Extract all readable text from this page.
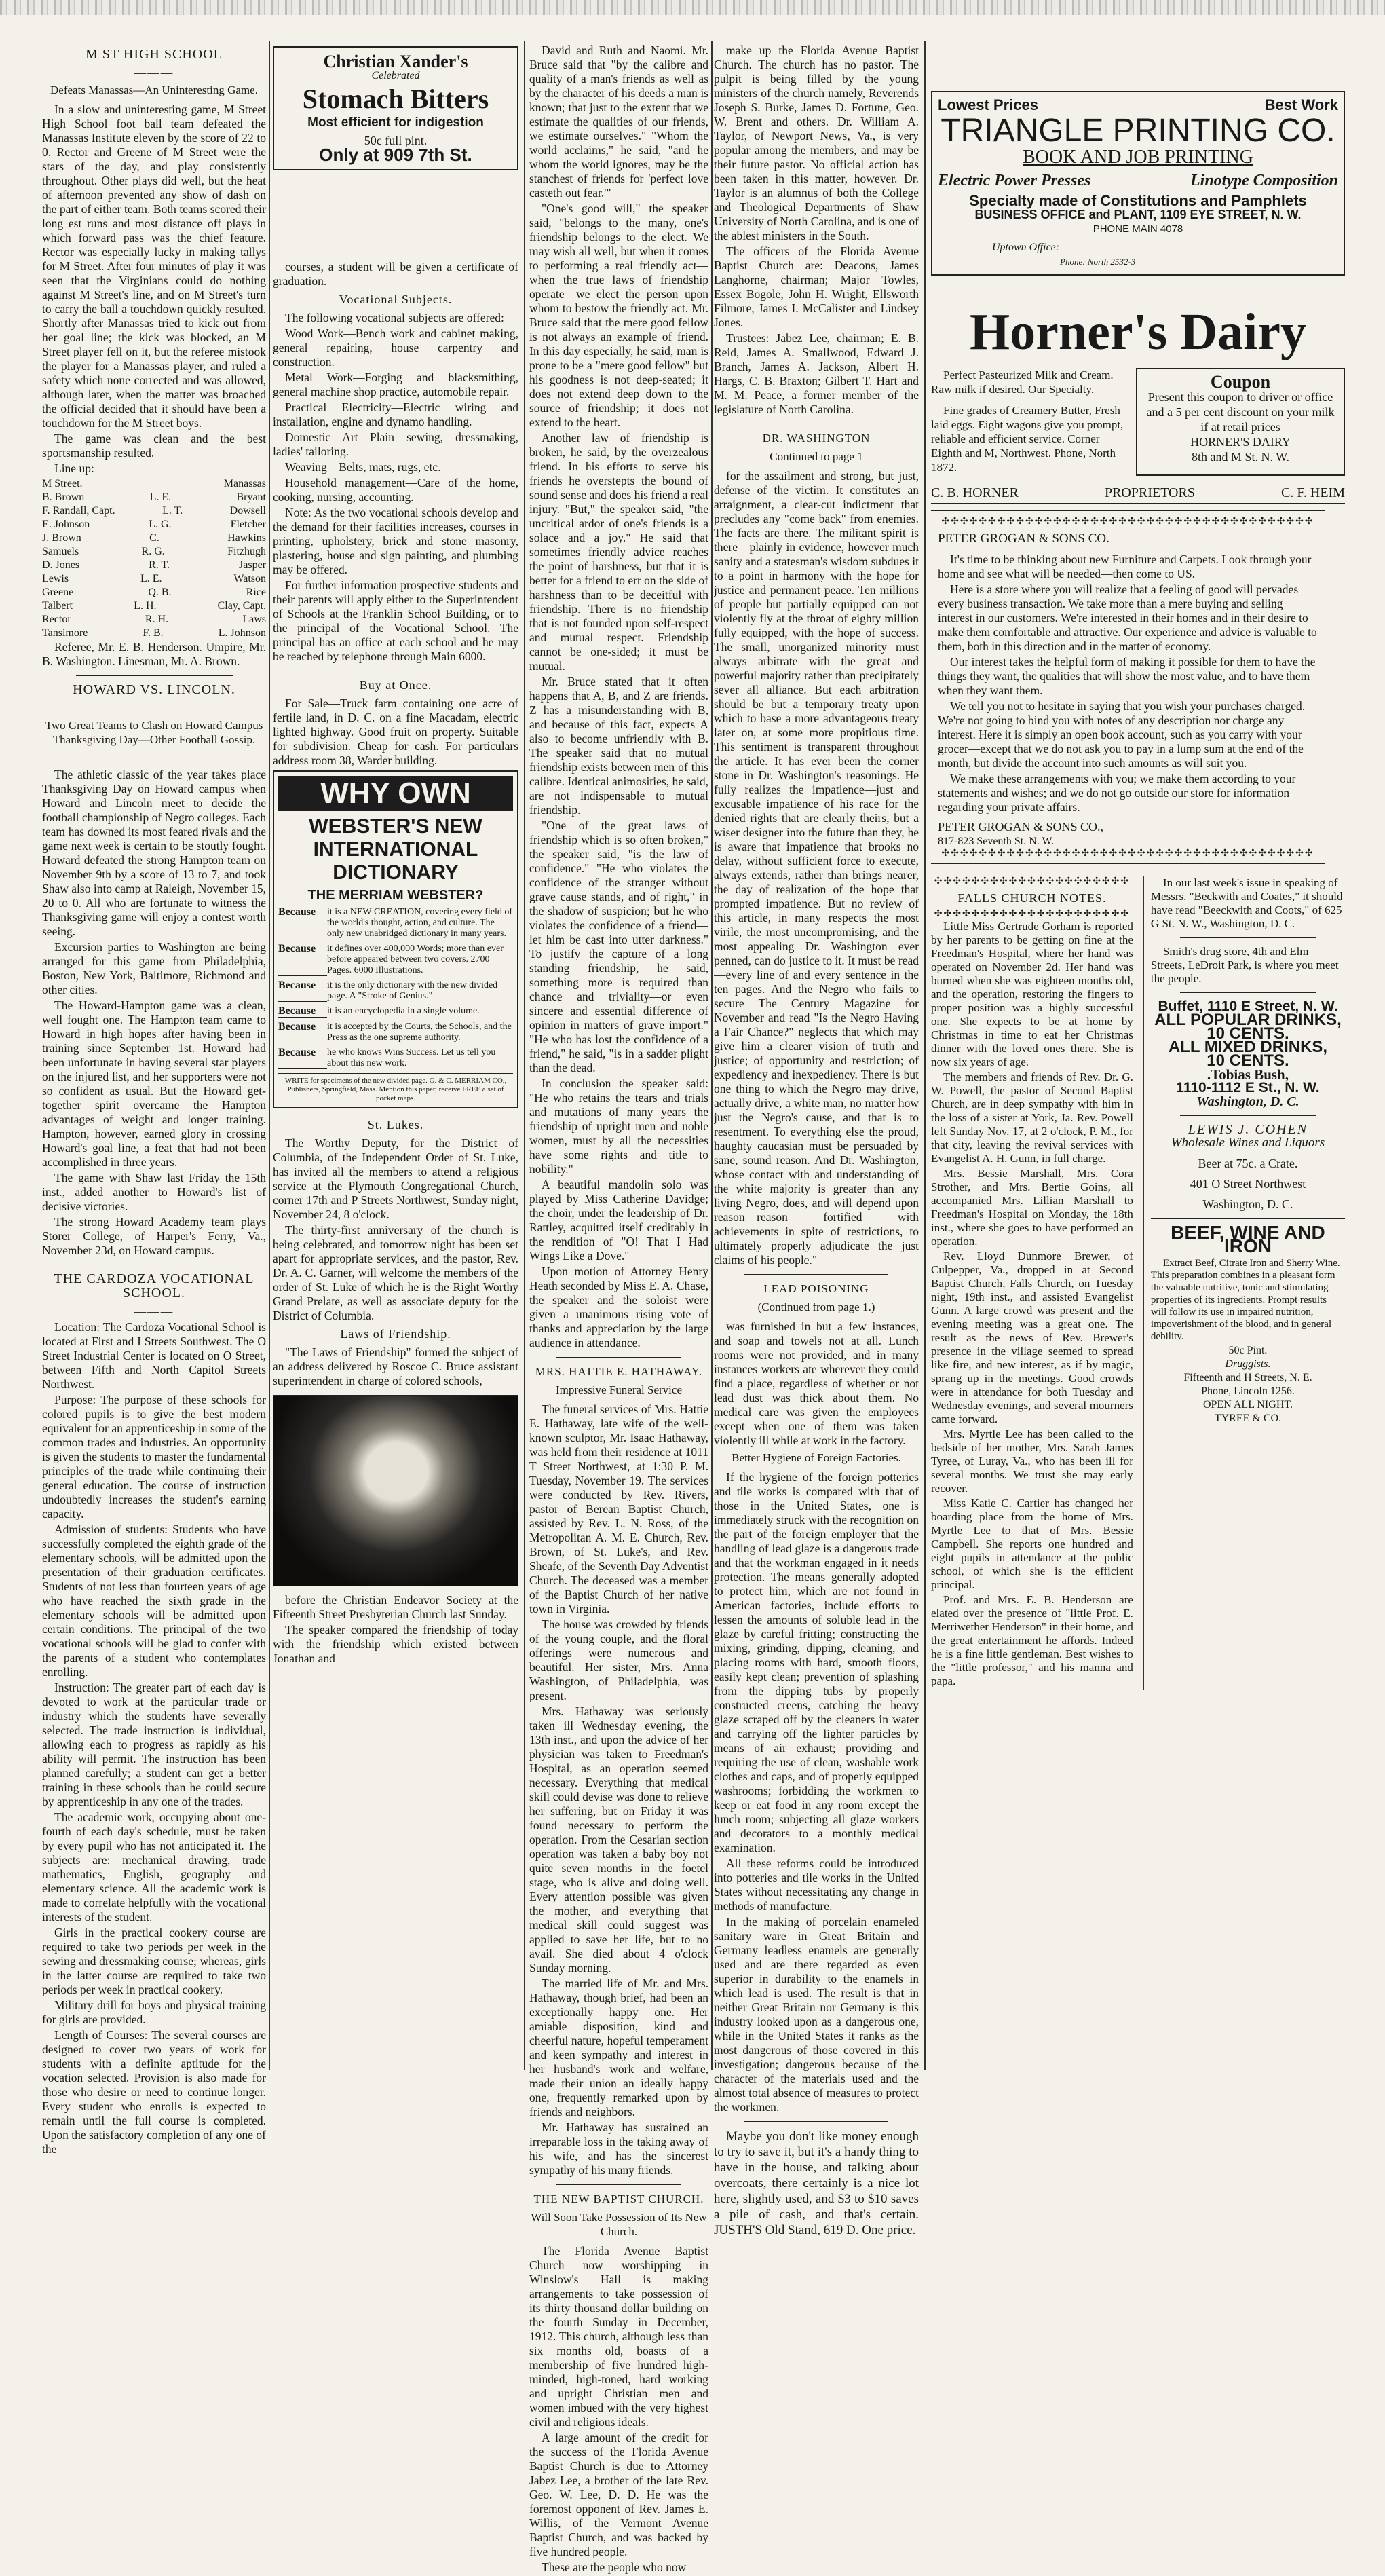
M ST HIGH SCHOOL
———
Defeats Manassas—An Uninteresting Game.

In a slow and uninteresting game, M Street High School foot ball team defeated the Manassas Institute eleven by the score of 22 to 0. Rector and Greene of M Street were the stars of the day, and play consistently throughout. Other plays did well, but the heat of afternoon prevented any show of dash on the part of either team. Both teams scored their long est runs and most distance off plays in which forward pass was the chief feature. Rector was especially lucky in making tallys for M Street. After four minutes of play it was seen that the Virginians could do nothing against M Street's line, and on M Street's turn to carry the ball a touchdown quickly resulted. Shortly after Manassas tried to kick out from her goal line; the kick was blocked, an M Street player fell on it, but the referee mistook the player for a Manassas player, and ruled a safety which none corrected and was allowed, although later, when the matter was broached the official decided that it should have been a touchdown for the M Street boys.

The game was clean and the best sportsmanship resulted.

Line up:

M Street.	Manassas
B. Brown	L. E.	Bryant
F. Randall, Capt.	L. T.	Dowsell
E. Johnson	L. G.	Fletcher
J. Brown	C.	Hawkins
Samuels	R. G.	Fitzhugh
D. Jones	R. T.	Jasper
Lewis	L. E.	Watson
Greene	Q. B.	Rice
Talbert	L. H.	Clay, Capt.
Rector	R. H.	Laws
Tansimore	F. B.	L. Johnson

Referee, Mr. E. B. Henderson. Umpire, Mr. B. Washington. Linesman, Mr. A. Brown.

HOWARD VS. LINCOLN.
———
Two Great Teams to Clash on Howard Campus Thanksgiving Day—Other Football Gossip.
———

The athletic classic of the year takes place Thanksgiving Day on Howard campus when Howard and Lincoln meet to decide the football championship of Negro colleges. Each team has downed its most feared rivals and the game next week is certain to be stoutly fought. Howard defeated the strong Hampton team on November 9th by a score of 13 to 7, and took Shaw also into camp at Raleigh, November 15, 20 to 0. All who are fortunate to witness the Thanksgiving game will enjoy a contest worth seeing.

Excursion parties to Washington are being arranged for this game from Philadelphia, Boston, New York, Baltimore, Richmond and other cities.

The Howard-Hampton game was a clean, well fought one. The Hampton team came to Howard in high hopes after having been in training since September 1st. Howard had been unfortunate in having several star players on the injured list, and her supporters were not so confident as usual. But the Howard get-together spirit overcame the Hampton advantages of weight and longer training. Hampton, however, earned glory in crossing Howard's goal line, a feat that had not been accomplished in three years.

The game with Shaw last Friday the 15th inst., added another to Howard's list of decisive victories.

The strong Howard Academy team plays Storer College, of Harper's Ferry, Va., November 23d, on Howard campus.

THE CARDOZA VOCATIONAL SCHOOL.
———

Location: The Cardoza Vocational School is located at First and I Streets Southwest. The O Street Industrial Center is located on O Street, between Fifth and North Capitol Streets Northwest.

Purpose: The purpose of these schools for colored pupils is to give the best modern equivalent for an apprenticeship in some of the common trades and industries. An opportunity is given the students to master the fundamental principles of the trade while continuing their general education. The course of instruction undoubtedly increases the student's earning capacity.

Admission of students: Students who have successfully completed the eighth grade of the elementary schools, will be admitted upon the presentation of their graduation certificates. Students of not less than fourteen years of age who have reached the sixth grade in the elementary schools will be admitted upon certain conditions. The principal of the two vocational schools will be glad to confer with the parents of a student who contemplates enrolling.

Instruction: The greater part of each day is devoted to work at the particular trade or industry which the students have severally selected. The trade instruction is individual, allowing each to progress as rapidly as his ability will permit. The instruction has been planned carefully; a student can get a better training in these schools than he could secure by apprenticeship in any one of the trades.

The academic work, occupying about one-fourth of each day's schedule, must be taken by every pupil who has not anticipated it. The subjects are: mechanical drawing, trade mathematics, English, geography and elementary science. All the academic work is made to correlate helpfully with the vocational interests of the student.

Girls in the practical cookery course are required to take two periods per week in the sewing and dressmaking course; whereas, girls in the latter course are required to take two periods per week in practical cookery.

Military drill for boys and physical training for girls are provided.

Length of Courses: The several courses are designed to cover two years of work for students with a definite aptitude for the vocation selected. Provision is also made for those who desire or need to continue longer. Every student who enrolls is expected to remain until the full course is completed. Upon the satisfactory completion of any one of the

Christian Xander's
Celebrated
Stomach Bitters
Most efficient for indigestion
50c full pint.
Only at 909 7th St.

courses, a student will be given a certificate of graduation.

Vocational Subjects.

The following vocational subjects are offered:

Wood Work—Bench work and cabinet making, general repairing, house carpentry and construction.

Metal Work—Forging and blacksmithing, general machine shop practice, automobile repair.

Practical Electricity—Electric wiring and installation, engine and dynamo handling.

Domestic Art—Plain sewing, dressmaking, ladies' tailoring.

Weaving—Belts, mats, rugs, etc.

Household management—Care of the home, cooking, nursing, accounting.

Note: As the two vocational schools develop and the demand for their facilities increases, courses in printing, upholstery, brick and stone masonry, plastering, house and sign painting, and plumbing may be offered.

For further information prospective students and their parents will apply either to the Superintendent of Schools at the Franklin School Building, or to the principal of the Vocational School. The principal has an office at each school and he may be reached by telephone through Main 6000.

Buy at Once.

For Sale—Truck farm containing one acre of fertile land, in D. C. on a fine Macadam, electric lighted highway. Good fruit on property. Suitable for subdivision. Cheap for cash. For particulars address room 38, Warder building.

WHY OWN
WEBSTER'S NEW INTERNATIONAL DICTIONARY
THE MERRIAM WEBSTER?
Because	it is a NEW CREATION, covering every field of the world's thought, action, and culture. The only new unabridged dictionary in many years.
Because	it defines over 400,000 Words; more than ever before appeared between two covers. 2700 Pages. 6000 Illustrations.
Because	it is the only dictionary with the new divided page. A "Stroke of Genius."
Because	it is an encyclopedia in a single volume.
Because	it is accepted by the Courts, the Schools, and the Press as the one supreme authority.
Because	he who knows Wins Success. Let us tell you about this new work.
WRITE for specimens of the new divided page. G. & C. MERRIAM CO., Publishers, Springfield, Mass. Mention this paper, receive FREE a set of pocket maps.
St. Lukes.

The Worthy Deputy, for the District of Columbia, of the Independent Order of St. Luke, has invited all the members to attend a religious service at the Plymouth Congregational Church, corner 17th and P Streets Northwest, Sunday night, November 24, 8 o'clock.

The thirty-first anniversary of the church is being celebrated, and tomorrow night has been set apart for appropriate services, and the pastor, Rev. Dr. A. C. Garner, will welcome the members of the order of St. Luke of which he is the Right Worthy Grand Prelate, as well as associate deputy for the District of Columbia.

Laws of Friendship.

"The Laws of Friendship" formed the subject of an address delivered by Roscoe C. Bruce assistant superintendent in charge of colored schools,

before the Christian Endeavor Society at the Fifteenth Street Presbyterian Church last Sunday.

The speaker compared the friendship of today with the friendship which existed between Jonathan and

David and Ruth and Naomi. Mr. Bruce said that "by the calibre and quality of a man's friends as well as by the character of his deeds a man is known; that just to the extent that we estimate the qualities of our friends, we estimate ourselves." "Whom the world acclaims," he said, "and he whom the world ignores, may be the stanchest of friends for 'perfect love casteth out fear.'"

"One's good will," the speaker said, "belongs to the many, one's friendship belongs to the elect. We may wish all well, but when it comes to performing a real friendly act—when the true laws of friendship operate—we elect the person upon whom to bestow the friendly act. Mr. Bruce said that the mere good fellow is not always an example of friend. In this day especially, he said, man is prone to be a "mere good fellow" but his goodness is not deep-seated; it does not extend deep down to the source of friendship; it does not extend to the heart.

Another law of friendship is broken, he said, by the overzealous friend. In his efforts to serve his friends he overstepts the bound of sound sense and does his friend a real injury. "But," the speaker said, "the uncritical ardor of one's friends is a solace and a joy." He said that sometimes friendly advice reaches the point of harshness, but that it is better for a friend to err on the side of harshness than to be deceitful with friendship. There is no friendship that is not founded upon self-respect and mutual respect. Friendship cannot be one-sided; it must be mutual.

Mr. Bruce stated that it often happens that A, B, and Z are friends. Z has a misunderstanding with B, and because of this fact, expects A also to become unfriendly with B. The speaker said that no mutual friendship exists between men of this calibre. Identical animosities, he said, are not indispensable to mutual friendship.

"One of the great laws of friendship which is so often broken," the speaker said, "is the law of confidence." "He who violates the confidence of the stranger without grave cause stands, and of right," in the shadow of suspicion; but he who violates the confidence of a friend—let him be cast into utter darkness." To justify the capture of a long standing friendship, he said, something more is required than chance and triviality—or even sincere and essential difference of opinion in matters of grave import." "He who has lost the confidence of a friend," he said, "is in a sadder plight than the dead.

In conclusion the speaker said: "He who retains the tears and trials and mutations of many years the friendship of upright men and noble women, must by all the necessities have some rights and title to nobility."

A beautiful mandolin solo was played by Miss Catherine Davidge; the choir, under the leadership of Dr. Rattley, acquitted itself creditably in the rendition of "O! That I Had Wings Like a Dove."

Upon motion of Attorney Henry Heath seconded by Miss E. A. Chase, the speaker and the soloist were given a unanimous rising vote of thanks and appreciation by the large audience in attendance.

MRS. HATTIE E. HATHAWAY.
Impressive Funeral Service

The funeral services of Mrs. Hattie E. Hathaway, late wife of the well-known sculptor, Mr. Isaac Hathaway, was held from their residence at 1011 T Street Northwest, at 1:30 P. M. Tuesday, November 19. The services were conducted by Rev. Rivers, pastor of Berean Baptist Church, assisted by Rev. L. N. Ross, of the Metropolitan A. M. E. Church, Rev. Brown, of St. Luke's, and Rev. Sheafe, of the Seventh Day Adventist Church. The deceased was a member of the Baptist Church of her native town in Virginia.

The house was crowded by friends of the young couple, and the floral offerings were numerous and beautiful. Her sister, Mrs. Anna Washington, of Philadelphia, was present.

Mrs. Hathaway was seriously taken ill Wednesday evening, the 13th inst., and upon the advice of her physician was taken to Freedman's Hospital, as an operation seemed necessary. Everything that medical skill could devise was done to relieve her suffering, but on Friday it was found necessary to perform the operation. From the Cesarian section operation was taken a baby boy not quite seven months in the foetel stage, who is alive and doing well. Every attention possible was given the mother, and everything that medical skill could suggest was applied to save her life, but to no avail. She died about 4 o'clock Sunday morning.

The married life of Mr. and Mrs. Hathaway, though brief, had been an exceptionally happy one. Her amiable disposition, kind and cheerful nature, hopeful temperament and keen sympathy and interest in her husband's work and welfare, made their union an ideally happy one, frequently remarked upon by friends and neighbors.

Mr. Hathaway has sustained an irreparable loss in the taking away of his wife, and has the sincerest sympathy of his many friends.

THE NEW BAPTIST CHURCH.
Will Soon Take Possession of Its New Church.

The Florida Avenue Baptist Church now worshipping in Winslow's Hall is making arrangements to take possession of its thirty thousand dollar building on the fourth Sunday in December, 1912. This church, although less than six months old, boasts of a membership of five hundred high-minded, high-toned, hard working and upright Christian men and women imbued with the very highest civil and religious ideals.

A large amount of the credit for the success of the Florida Avenue Baptist Church is due to Attorney Jabez Lee, a brother of the late Rev. Geo. W. Lee, D. D. He was the foremost opponent of Rev. James E. Willis, of the Vermont Avenue Baptist Church, and was backed by five hundred people.

These are the people who now

make up the Florida Avenue Baptist Church. The church has no pastor. The pulpit is being filled by the young ministers of the church namely, Reverends Joseph S. Burke, James D. Fortune, Geo. W. Brent and others. Dr. William A. Taylor, of Newport News, Va., is very popular among the members, and may be their future pastor. No official action has been taken in this matter, however. Dr. Taylor is an alumnus of both the College and Theological Departments of Shaw University of North Carolina, and is one of the ablest ministers in the South.

The officers of the Florida Avenue Baptist Church are: Deacons, James Langhorne, chairman; Major Towles, Essex Bogole, John H. Wright, Ellsworth Filmore, James I. McCalister and Lindsey Jones.

Trustees: Jabez Lee, chairman; E. B. Reid, James A. Smallwood, Edward J. Branch, James A. Jackson, Albert H. Hargs, C. B. Braxton; Gilbert T. Hart and M. M. Peace, a former member of the legislature of North Carolina.

DR. WASHINGTON
Continued to page 1

for the assailment and strong, but just, defense of the victim. It constitutes an arraignment, a clear-cut indictment that precludes any "come back" from enemies. The facts are there. The militant spirit is there—plainly in evidence, however much sanity and a statesman's wisdom subdues it to a point in harmony with the hope for justice and permanent peace. Ten millions of people but partially equipped can not violently fly at the throat of eighty million fully equipped, with the hope of success. The small, unorganized minority must always arbitrate with the great and powerful majority rather than precipitately sever all alliance. But each arbitration should be but a temporary treaty upon which to base a more advantageous treaty later on, at some more propitious time. This sentiment is transparent throughout the article. It has ever been the corner stone in Dr. Washington's reasonings. He fully realizes the impatience—just and excusable impatience of his race for the denied rights that are clearly theirs, but a wiser designer into the future than they, he is aware that impatience that brooks no delay, without sufficient force to execute, always extends, rather than brings nearer, the day of realization of the hope that prompted impatience. But no review of this article, in many respects the most virile, the most uncompromising, and the most appealing Dr. Washington ever penned, can do justice to it. It must be read—every line of and every sentence in the ten pages. And the Negro who fails to secure The Century Magazine for November and read "Is the Negro Having a Fair Chance?" neglects that which may give him a clearer vision of truth and justice; of opportunity and restriction; of expediency and inexpediency. There is but one thing to which the Negro may drive, actually drive, a white man, no matter how just the Negro's cause, and that is to resentment. To everything else the proud, haughty caucasian must be persuaded by sane, sound reason. And Dr. Washington, whose contact with and understanding of the white majority is greater than any living Negro, does, and will depend upon reason—reason fortified with achievements in spite of restrictions, to ultimately properly adjudicate the just claims of his people."

LEAD POISONING
(Continued from page 1.)

was furnished in but a few instances, and soap and towels not at all. Lunch rooms were not provided, and in many instances workers ate wherever they could find a place, regardless of whether or not lead dust was thick about them. No medical care was given the employees except when one of them was taken violently ill while at work in the factory.

Better Hygiene of Foreign Factories.

If the hygiene of the foreign potteries and tile works is compared with that of those in the United States, one is immediately struck with the recognition on the part of the foreign employer that the handling of lead glaze is a dangerous trade and that the workman engaged in it needs protection. The means generally adopted to protect him, which are not found in American factories, include efforts to lessen the amounts of soluble lead in the glaze by careful fritting; constructing the mixing, grinding, dipping, cleaning, and placing rooms with hard, smooth floors, easily kept clean; prevention of splashing from the dipping tubs by properly constructed creens, catching the heavy glaze scraped off by the cleaners in water and carrying off the lighter particles by means of air exhaust; providing and requiring the use of clean, washable work clothes and caps, and of properly equipped washrooms; forbidding the workmen to keep or eat food in any room except the lunch room; subjecting all glaze workers and decorators to a monthly medical examination.

All these reforms could be introduced into potteries and tile works in the United States without necessitating any change in methods of manufacture.

In the making of porcelain enameled sanitary ware in Great Britain and Germany leadless enamels are generally used and are there regarded as even superior in durability to the enamels in which lead is used. The result is that in neither Great Britain nor Germany is this industry looked upon as a dangerous one, while in the United States it ranks as the most dangerous of those covered in this investigation; dangerous because of the character of the materials used and the almost total absence of measures to protect the workmen.

Maybe you don't like money enough to try to save it, but it's a handy thing to have in the house, and talking about overcoats, there certainly is a nice lot here, slightly used, and $3 to $10 saves a pile of cash, and that's certain. JUSTH'S Old Stand, 619 D. One price.

Lowest Prices	Best Work
TRIANGLE PRINTING CO.
BOOK AND JOB PRINTING
Electric Power Presses	Linotype Composition
Specialty made of Constitutions and Pamphlets
BUSINESS OFFICE and PLANT, 1109 EYE STREET, N. W.
PHONE MAIN 4078
Uptown Office:
Phone: North 2532-3
Horner's Dairy

Perfect Pasteurized Milk and Cream. Raw milk if desired. Our Specialty.

Fine grades of Creamery Butter, Fresh laid eggs. Eight wagons give you prompt, reliable and efficient service. Corner Eighth and M, Northwest. Phone, North 1872.

Coupon
Present this coupon to driver or office and a 5 per cent discount on your milk if at retail prices
HORNER'S DAIRY
8th and M St. N. W.
C. B. HORNER	PROPRIETORS	C. F. HEIM
✣✣✣✣✣✣✣✣✣✣✣✣✣✣✣✣✣✣✣✣✣✣✣✣✣✣✣✣✣✣✣✣✣✣✣✣✣✣✣✣
PETER GROGAN & SONS CO.

It's time to be thinking about new Furniture and Carpets. Look through your home and see what will be needed—then come to US.

Here is a store where you will realize that a feeling of good will pervades every business transaction. We take more than a mere buying and selling interest in our customers. We're interested in their homes and in their desire to make them comfortable and attractive. Our experience and advice is valuable to them, both in this direction and in the matter of economy.

Our interest takes the helpful form of making it possible for them to have the things they want, the qualities that will show the most value, and to have them when they want them.

We tell you not to hesitate in saying that you wish your purchases charged. We're not going to bind you with notes of any description nor charge any interest. Here it is simply an open book account, such as you carry with your grocer—except that we do not ask you to pay in a lump sum at the end of the month, but divide the account into such amounts as will suit you.

We make these arrangements with you; we make them according to your statements and wishes; and we do not go outside our store for information regarding your private affairs.

PETER GROGAN & SONS CO.,
817-823 Seventh St. N. W.
✣✣✣✣✣✣✣✣✣✣✣✣✣✣✣✣✣✣✣✣✣✣✣✣✣✣✣✣✣✣✣✣✣✣✣✣✣✣✣✣
✣✣✣✣✣✣✣✣✣✣✣✣✣✣✣✣✣✣✣✣✣
FALLS CHURCH NOTES.
✣✣✣✣✣✣✣✣✣✣✣✣✣✣✣✣✣✣✣✣✣

Little Miss Gertrude Gorham is reported by her parents to be getting on fine at the Freedman's Hospital, where her hand was operated on November 2d. Her hand was burned when she was eighteen months old, and the operation, restoring the fingers to proper position was a highly successful one. She expects to be at home by Christmas in time to eat her Christmas dinner with the loved ones there. She is now six years of age.

The members and friends of Rev. Dr. G. W. Powell, the pastor of Second Baptist Church, are in deep sympathy with him in the loss of a sister at York, Ja. Rev. Powell left Sunday Nov. 17, at 2 o'clock, P. M., for that city, leaving the revival services with Evangelist A. H. Gunn, in full charge.

Mrs. Bessie Marshall, Mrs. Cora Strother, and Mrs. Bertie Goins, all accompanied Mrs. Lillian Marshall to Freedman's Hospital on Monday, the 18th inst., where she goes to have performed an operation.

Rev. Lloyd Dunmore Brewer, of Culpepper, Va., dropped in at Second Baptist Church, Falls Church, on Tuesday night, 19th inst., and assisted Evangelist Gunn. A large crowd was present and the evening meeting was a great one. The result as the news of Rev. Brewer's presence in the village seemed to spread like fire, and new interest, as if by magic, sprang up in the meetings. Good crowds were in attendance for both Tuesday and Wednesday evenings, and several mourners came forward.

Mrs. Myrtle Lee has been called to the bedside of her mother, Mrs. Sarah James Tyree, of Luray, Va., who has been ill for several months. We trust she may early recover.

Miss Katie C. Cartier has changed her boarding place from the home of Mrs. Myrtle Lee to that of Mrs. Bessie Campbell. She reports one hundred and eight pupils in attendance at the public school, of which she is the efficient principal.

Prof. and Mrs. E. B. Henderson are elated over the presence of "little Prof. E. Merriwether Henderson" in their home, and the great entertainment he affords. Indeed he is a fine little gentleman. Best wishes to the "little professor," and his manna and papa.

In our last week's issue in speaking of Messrs. "Beckwith and Coates," it should have read "Beeckwith and Coots," of 625 G St. N. W., Washington, D. C.

Smith's drug store, 4th and Elm Streets, LeDroit Park, is where you meet the people.

Buffet, 1110 E Street, N. W.
ALL POPULAR DRINKS,
10 CENTS.
ALL MIXED DRINKS,
10 CENTS.
.Tobias Bush,
1110-1112 E St., N. W.
Washington, D. C.
LEWIS J. COHEN
Wholesale Wines and Liquors
Beer at 75c. a Crate.
401 O Street Northwest
Washington, D. C.
BEEF, WINE AND IRON

Extract Beef, Citrate Iron and Sherry Wine. This preparation combines in a pleasant form the valuable nutritive, tonic and stimulating properties of its ingredients. Prompt results will follow its use in impaired nutrition, impoverishment of the blood, and in general debility.

50c Pint.
Druggists.
Fifteenth and H Streets, N. E.
Phone, Lincoln 1256.
OPEN ALL NIGHT.
TYREE & CO.
